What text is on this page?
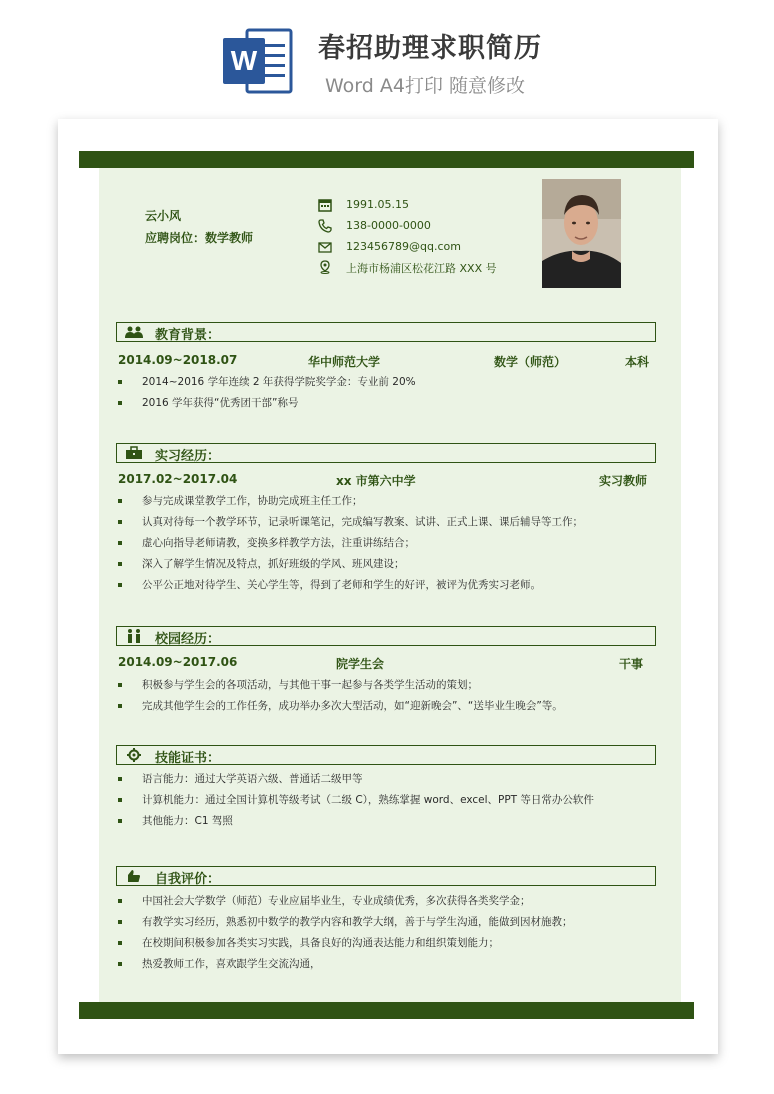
W 春招助理求职简历
Word A4打印 随意修改
云小风
应聘岗位：数学教师
1991.05.15
138-0000-0000
123456789@qq.com
上海市杨浦区松花江路 XXX 号
教育背景：
2014.09~2018.07	华中师范大学	数学（师范）	本科
2014~2016 学年连续 2 年获得学院奖学金：专业前 20%
2016 学年获得“优秀团干部”称号
实习经历：
2017.02~2017.04	xx 市第六中学	实习教师
参与完成课堂教学工作，协助完成班主任工作；
认真对待每一个教学环节，记录听课笔记，完成编写教案、试讲、正式上课、课后辅导等工作；
虚心向指导老师请教，变换多样教学方法，注重讲练结合；
深入了解学生情况及特点，抓好班级的学风、班风建设；
公平公正地对待学生、关心学生等，得到了老师和学生的好评，被评为优秀实习老师。
校园经历：
2014.09~2017.06	院学生会	干事
积极参与学生会的各项活动，与其他干事一起参与各类学生活动的策划；
完成其他学生会的工作任务，成功举办多次大型活动，如“迎新晚会”、“送毕业生晚会”等。
技能证书：
语言能力：通过大学英语六级、普通话二级甲等
计算机能力：通过全国计算机等级考试（二级 C），熟练掌握 word、excel、PPT 等日常办公软件
其他能力：C1 驾照
自我评价：
中国社会大学数学（师范）专业应届毕业生，专业成绩优秀，多次获得各类奖学金；
有教学实习经历，熟悉初中数学的教学内容和教学大纲，善于与学生沟通，能做到因材施教；
在校期间积极参加各类实习实践，具备良好的沟通表达能力和组织策划能力；
热爱教师工作，喜欢跟学生交流沟通，
